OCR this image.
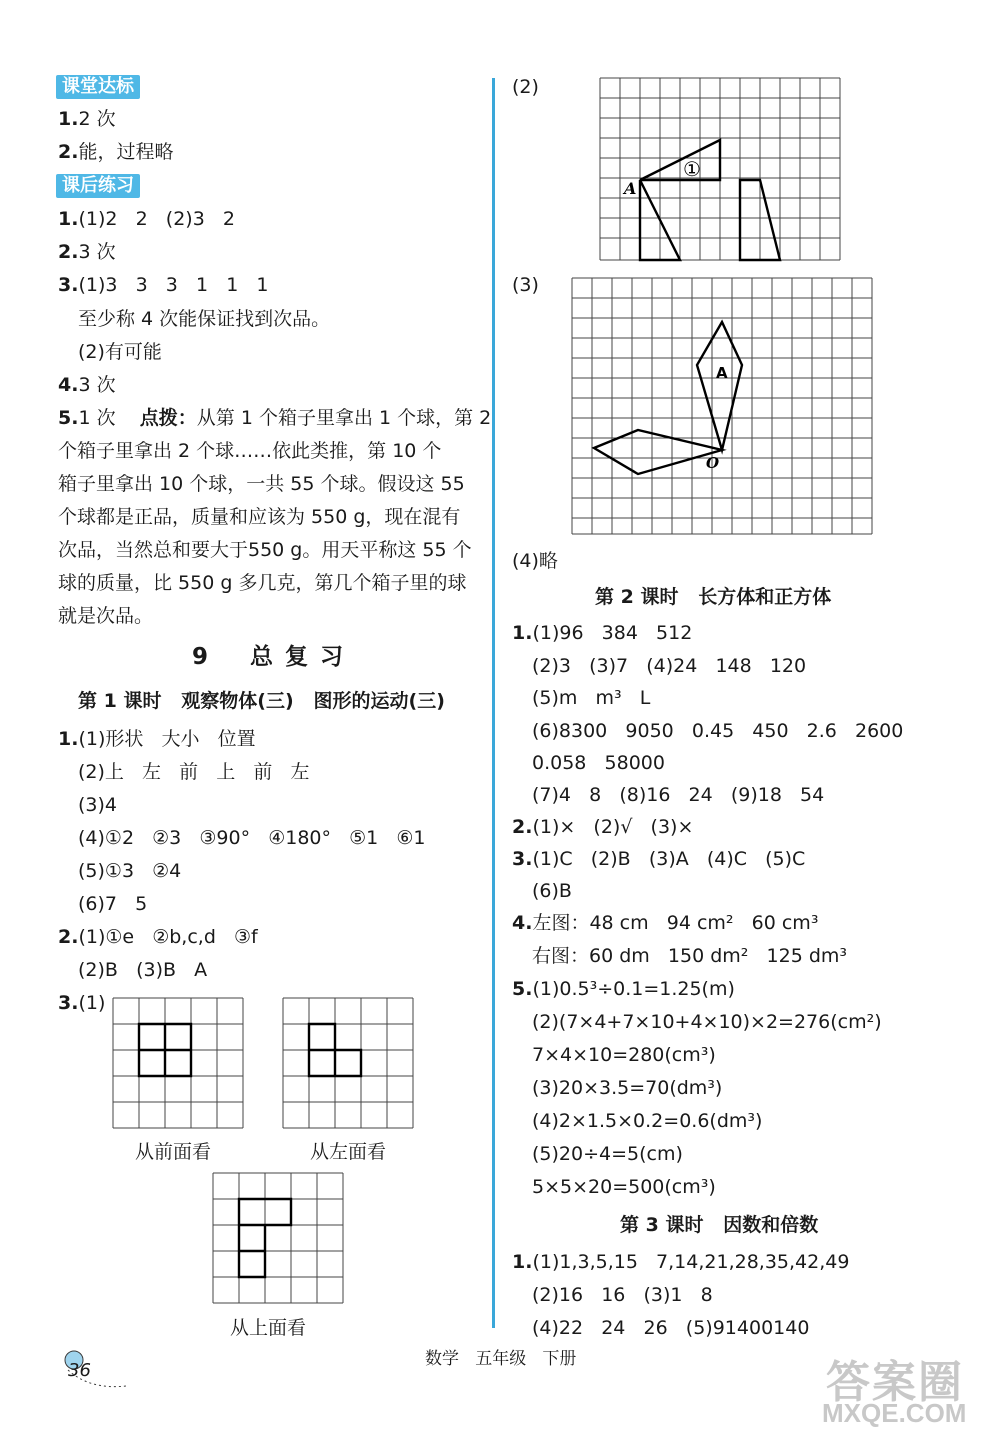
课堂达标
1.2 次
2.能，过程略
课后练习
1.(1)2   2   (2)3   2
2.3 次
3.(1)3   3   3   1   1   1
至少称 4 次能保证找到次品。
(2)有可能
4.3 次
5.1 次 点拨：从第 1 个箱子里拿出 1 个球，第 2
个箱子里拿出 2 个球……依此类推，第 10 个
箱子里拿出 10 个球，一共 55 个球。假设这 55
个球都是正品，质量和应该为 550 g，现在混有
次品，当然总和要大于550 g。用天平称这 55 个
球的质量，比 550 g 多几克，第几个箱子里的球
就是次品。
9    总 复 习
第 1 课时   观察物体(三)   图形的运动(三)
1.(1)形状   大小   位置
(2)上   左   前   上   前   左
(3)4
(4)①2   ②3   ③90°   ④180°   ⑤1   ⑥1
(5)①3   ②4
(6)7   5
2.(1)①e   ②b,c,d   ③f
(2)B   (3)B   A
3.(1)
从前面看	从左面看
从上面看
(2)
①
A
(3)
A
O
(4)略
第 2 课时   长方体和正方体
1.(1)96   384   512
(2)3   (3)7   (4)24   148   120
(5)m   m³   L
(6)8300   9050   0.45   450   2.6   2600
0.058   58000
(7)4   8   (8)16   24   (9)18   54
2.(1)×   (2)√   (3)×
3.(1)C   (2)B   (3)A   (4)C   (5)C
(6)B
4.左图：48 cm   94 cm²   60 cm³
右图：60 dm   150 dm²   125 dm³
5.(1)0.5³÷0.1=1.25(m)
(2)(7×4+7×10+4×10)×2=276(cm²)
7×4×10=280(cm³)
(3)20×3.5=70(dm³)
(4)2×1.5×0.2=0.6(dm³)
(5)20÷4=5(cm)
5×5×20=500(cm³)
第 3 课时   因数和倍数
1.(1)1,3,5,15   7,14,21,28,35,42,49
(2)16   16   (3)1   8
(4)22   24   26   (5)91400140
36
数学   五年级   下册	答案圈
MXQE.COM
